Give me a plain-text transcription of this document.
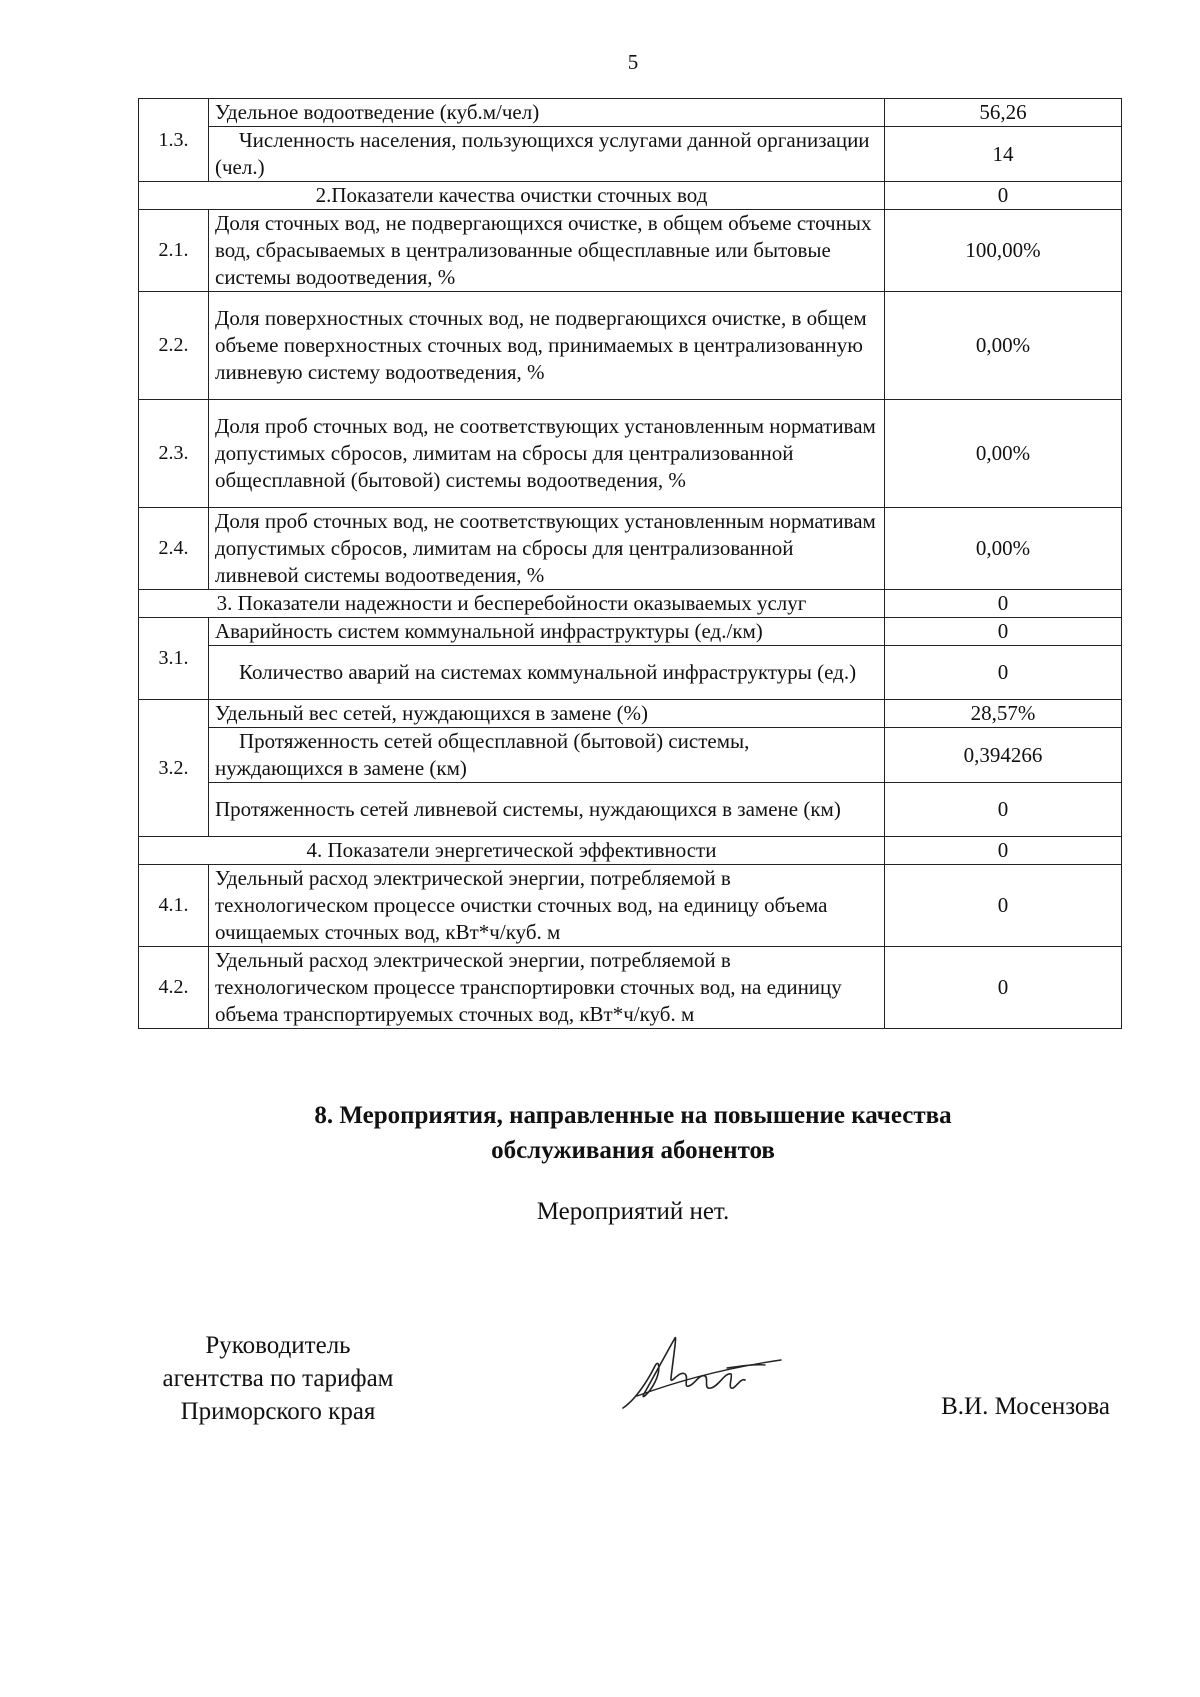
5
1.3.	Удельное водоотведение (куб.м/чел)	56,26
	Численность населения, пользующихся услугами данной организации (чел.)	14
2.Показатели качества очистки сточных вод		0
2.1.	Доля сточных вод, не подвергающихся очистке, в общем объеме сточных вод, сбрасываемых в централизованные общесплавные или бытовые системы водоотведения, %	100,00%
2.2.	Доля поверхностных сточных вод, не подвергающихся очистке, в общем объеме поверхностных сточных вод, принимаемых в централизованную ливневую систему водоотведения, %	0,00%
2.3.	Доля проб сточных вод, не соответствующих установленным нормативам допустимых сбросов, лимитам на сбросы для централизованной общесплавной (бытовой) системы водоотведения, %	0,00%
2.4.	Доля проб сточных вод, не соответствующих установленным нормативам допустимых сбросов, лимитам на сбросы для централизованной ливневой системы водоотведения, %	0,00%
3. Показатели надежности и бесперебойности оказываемых услуг		0
3.1.	Аварийность систем коммунальной инфраструктуры (ед./км)	0
	Количество аварий на системах коммунальной инфраструктуры (ед.)	0
3.2.	Удельный вес сетей, нуждающихся в замене (%)	28,57%
	Протяженность сетей общесплавной (бытовой) системы, нуждающихся в замене (км)	0,394266
	Протяженность сетей ливневой системы, нуждающихся в замене (км)	0
4. Показатели энергетической эффективности		0
4.1.	Удельный расход электрической энергии, потребляемой в технологическом процессе очистки сточных вод, на единицу объема очищаемых сточных вод, кВт*ч/куб. м	0
4.2.	Удельный расход электрической энергии, потребляемой в технологическом процессе транспортировки сточных вод, на единицу объема транспортируемых сточных вод, кВт*ч/куб. м	0
8. Мероприятия, направленные на повышение качества
обслуживания абонентов
Мероприятий нет.
Руководитель
агентства по тарифам
Приморского края	В.И. Мосензова
